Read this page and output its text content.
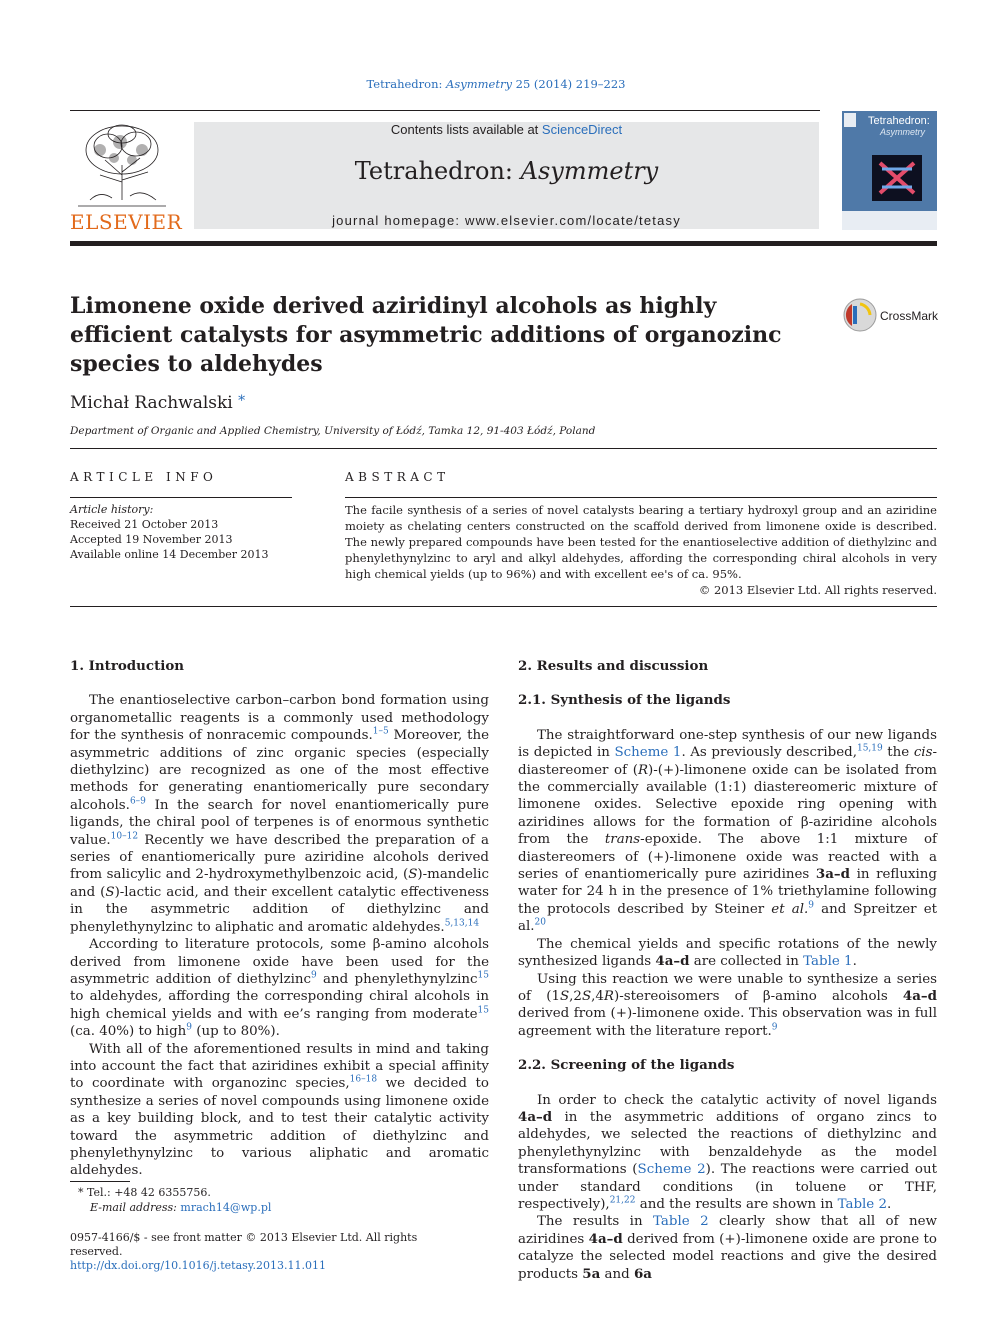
Tetrahedron: Asymmetry 25 (2014) 219–223
ELSEVIER
Contents lists available at ScienceDirect
Tetrahedron: Asymmetry
journal homepage: www.elsevier.com/locate/tetasy
Tetrahedron:
Asymmetry
Limonene oxide derived aziridinyl alcohols as highly efficient catalysts for asymmetric additions of organozinc species to aldehydes
CrossMark
Michał Rachwalski *
Department of Organic and Applied Chemistry, University of Łódź, Tamka 12, 91-403 Łódź, Poland
ARTICLE INFO	ABSTRACT
Article history:
Received 21 October 2013
Accepted 19 November 2013
Available online 14 December 2013
The facile synthesis of a series of novel catalysts bearing a tertiary hydroxyl group and an aziridine moiety as chelating centers constructed on the scaffold derived from limonene oxide is described. The newly prepared compounds have been tested for the enantioselective addition of diethylzinc and phenylethynylzinc to aryl and alkyl aldehydes, affording the corresponding chiral alcohols in very high chemical yields (up to 96%) and with excellent ee's of ca. 95%.
© 2013 Elsevier Ltd. All rights reserved.
1. Introduction

The enantioselective carbon–carbon bond formation using organometallic reagents is a commonly used methodology for the synthesis of nonracemic compounds.$^{1-5}$ Moreover, the asymmetric additions of zinc organic species (especially diethylzinc) are recognized as one of the most effective methods for generating enantiomerically pure secondary alcohols.$^{6-9}$ In the search for novel enantiomerically pure ligands, the chiral pool of terpenes is of enormous synthetic value.$^{10-12}$ Recently we have described the preparation of a series of enantiomerically pure aziridine alcohols derived from salicylic and 2-hydroxymethylbenzoic acid, (S)-mandelic and (S)-lactic acid, and their excellent catalytic effectiveness in the asymmetric addition of diethylzinc and phenylethynylzinc to aliphatic and aromatic aldehydes.$^{5,13,14}$

According to literature protocols, some β-amino alcohols derived from limonene oxide have been used for the asymmetric addition of diethylzinc$^9$ and phenylethynylzinc$^{15}$ to aldehydes, affording the corresponding chiral alcohols in high chemical yields and with ee’s ranging from moderate$^{15}$ (ca. 40%) to high$^9$ (up to 80%).

With all of the aforementioned results in mind and taking into account the fact that aziridines exhibit a special affinity to coordinate with organozinc species,$^{16-18}$ we decided to synthesize a series of novel compounds using limonene oxide as a key building block, and to test their catalytic activity toward the asymmetric addition of diethylzinc and phenylethynylzinc to various aliphatic and aromatic aldehydes.

2. Results and discussion
2.1. Synthesis of the ligands

The straightforward one-step synthesis of our new ligands is depicted in Scheme 1. As previously described,$^{15,19}$ the cis-diastereomer of (R)-(+)-limonene oxide can be isolated from the commercially available (1:1) diastereomeric mixture of limonene oxides. Selective epoxide ring opening with aziridines allows for the formation of β-aziridine alcohols from the trans-epoxide. The above 1:1 mixture of diastereomers of (+)-limonene oxide was reacted with a series of enantiomerically pure aziridines 3a–d in refluxing water for 24 h in the presence of 1% triethylamine following the protocols described by Steiner et al.$^9$ and Spreitzer et al.$^{20}$

The chemical yields and specific rotations of the newly synthesized ligands 4a–d are collected in Table 1.

Using this reaction we were unable to synthesize a series of (1S,2S,4R)-stereoisomers of β-amino alcohols 4a–d derived from (+)-limonene oxide. This observation was in full agreement with the literature report.$^9$

2.2. Screening of the ligands

In order to check the catalytic activity of novel ligands 4a–d in the asymmetric additions of organo zincs to aldehydes, we selected the reactions of diethylzinc and phenylethynylzinc with benzaldehyde as the model transformations (Scheme 2). The reactions were carried out under standard conditions (in toluene or THF, respectively),$^{21,22}$ and the results are shown in Table 2.

The results in Table 2 clearly show that all of new aziridines 4a–d derived from (+)-limonene oxide are prone to catalyze the selected model reactions and give the desired products 5a and 6a

* Tel.: +48 42 6355756.
E-mail address: mrach14@wp.pl
0957-4166/$ - see front matter © 2013 Elsevier Ltd. All rights reserved.
http://dx.doi.org/10.1016/j.tetasy.2013.11.011
